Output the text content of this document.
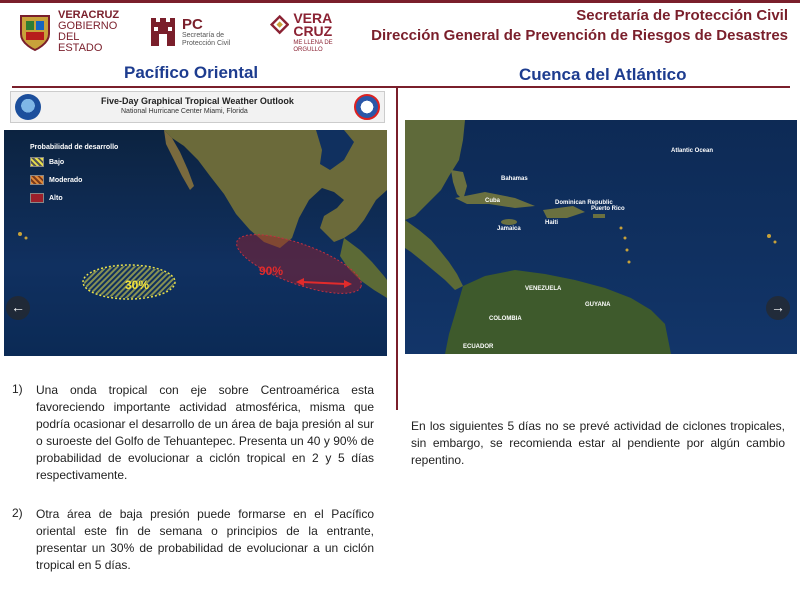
VERACRUZ
GOBIERNO
DEL ESTADO
PC
Secretaría de
Protección Civil
VERA
CRUZ
ME LLENA DE ORGULLO
Secretaría de Protección Civil
Dirección General de Prevención de Riesgos de Desastres
Pacífico Oriental	Cuenca del Atlántico
Five-Day Graphical Tropical Weather Outlook
National Hurricane Center Miami, Florida
Probabilidad de desarrollo
Bajo
Moderado
Alto
30%
90%
Atlantic Ocean
Cuba
Bahamas
Jamaica
Haiti
Dominican Republic
Puerto Rico
VENEZUELA
COLOMBIA
GUYANA
ECUADOR
←	→
1)	Una onda tropical con eje sobre Centroamérica esta favoreciendo importante actividad atmosférica, misma que podría ocasionar el desarrollo de un área de baja presión al sur o suroeste del Golfo de Tehuantepec. Presenta un 40 y 90% de probabilidad de evolucionar a ciclón tropical en 2 y 5 días respectivamente.
2)	Otra área de baja presión puede formarse en el Pacífico oriental este fin de semana o principios de la entrante, presentar un 30% de probabilidad de evolucionar a un ciclón tropical en 5 días.
En los siguientes 5 días no se prevé actividad de ciclones tropicales, sin embargo, se recomienda estar al pendiente por algún cambio repentino.
